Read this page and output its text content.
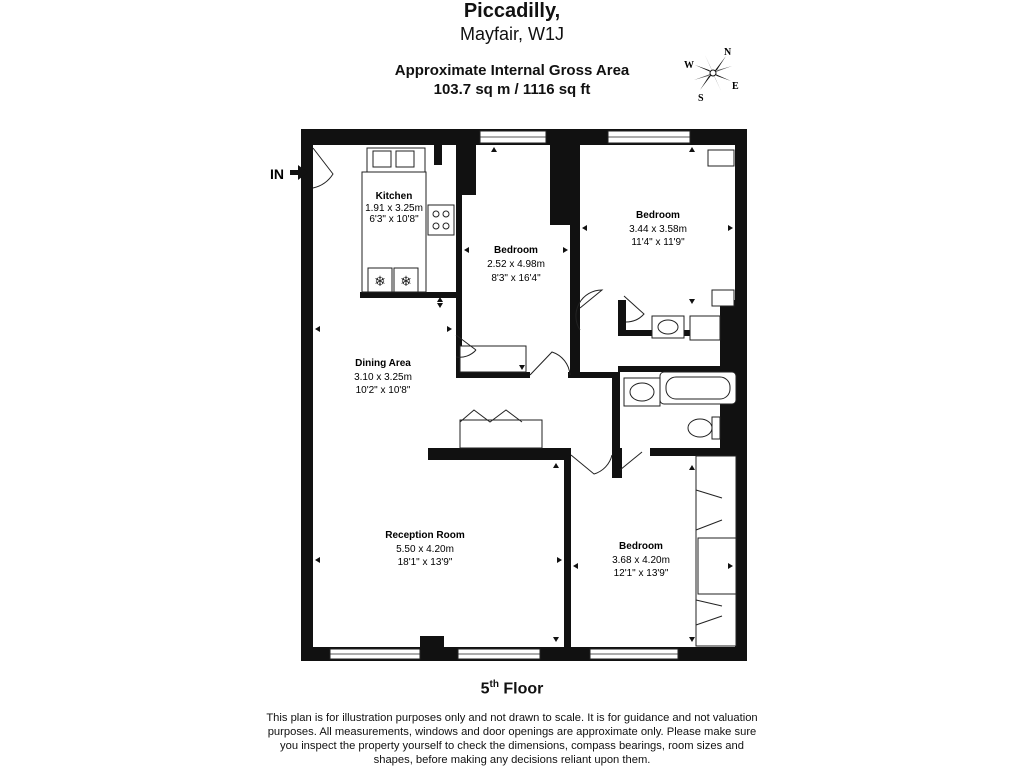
Piccadilly,

Mayfair, W1J

Approximate Internal Gross Area

103.7 sq m / 1116 sq ft

N
E
S
W
❄ ❄
IN
Kitchen
1.91 x 3.25m
6'3" x 10'8"
Bedroom
2.52 x 4.98m
8'3" x 16'4"
Bedroom
3.44 x 3.58m
11'4" x 11'9"
Dining Area
3.10 x 3.25m
10'2" x 10'8"
Reception Room
5.50 x 4.20m
18'1" x 13'9"
Bedroom
3.68 x 4.20m
12'1" x 13'9"

5th Floor

This plan is for illustration purposes only and not drawn to scale. It is for guidance and not valuation purposes. All measurements, windows and door openings are approximate only. Please make sure you inspect the property yourself to check the dimensions, compass bearings, room sizes and shapes, before making any decisions reliant upon them.
